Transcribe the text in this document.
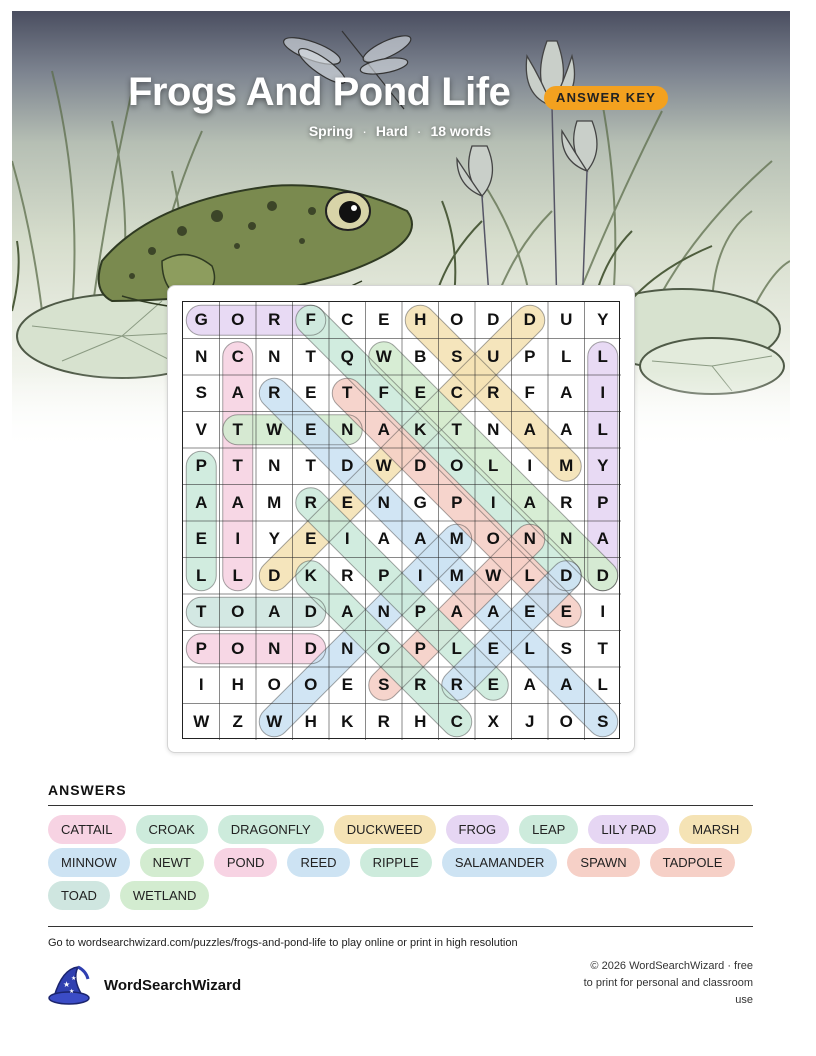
Frogs And Pond Life	ANSWER KEY
Spring · Hard · 18 words
G	O	R	F	C	E	H	O	D	D	U	Y
N	C	N	T	Q	W	B	S	U	P	L	L
S	A	R	E	T	F	E	C	R	F	A	I
V	T	W	E	N	A	K	T	N	A	A	L
P	T	N	T	D	W	D	O	L	I	M	Y
A	A	M	R	E	N	G	P	I	A	R	P
E	I	Y	E	I	A	A	M	O	N	N	A
L	L	D	K	R	P	I	M	W	L	D	D
T	O	A	D	A	N	P	A	A	E	E	I
P	O	N	D	N	O	P	L	E	L	S	T
I	H	O	O	E	S	R	R	E	A	A	L
W	Z	W	H	K	R	H	C	X	J	O	S
ANSWERS
CATTAIL	CROAK	DRAGONFLY	DUCKWEED	FROG	LEAP	LILY PAD	MARSH
MINNOW	NEWT	POND	REED	RIPPLE	SALAMANDER	SPAWN	TADPOLE
TOAD	WETLAND
Go to wordsearchwizard.com/puzzles/frogs-and-pond-life to play online or print in high resolution
★
★
★ WordSearchWizard
© 2026 WordSearchWizard · free to print for personal and classroom use
